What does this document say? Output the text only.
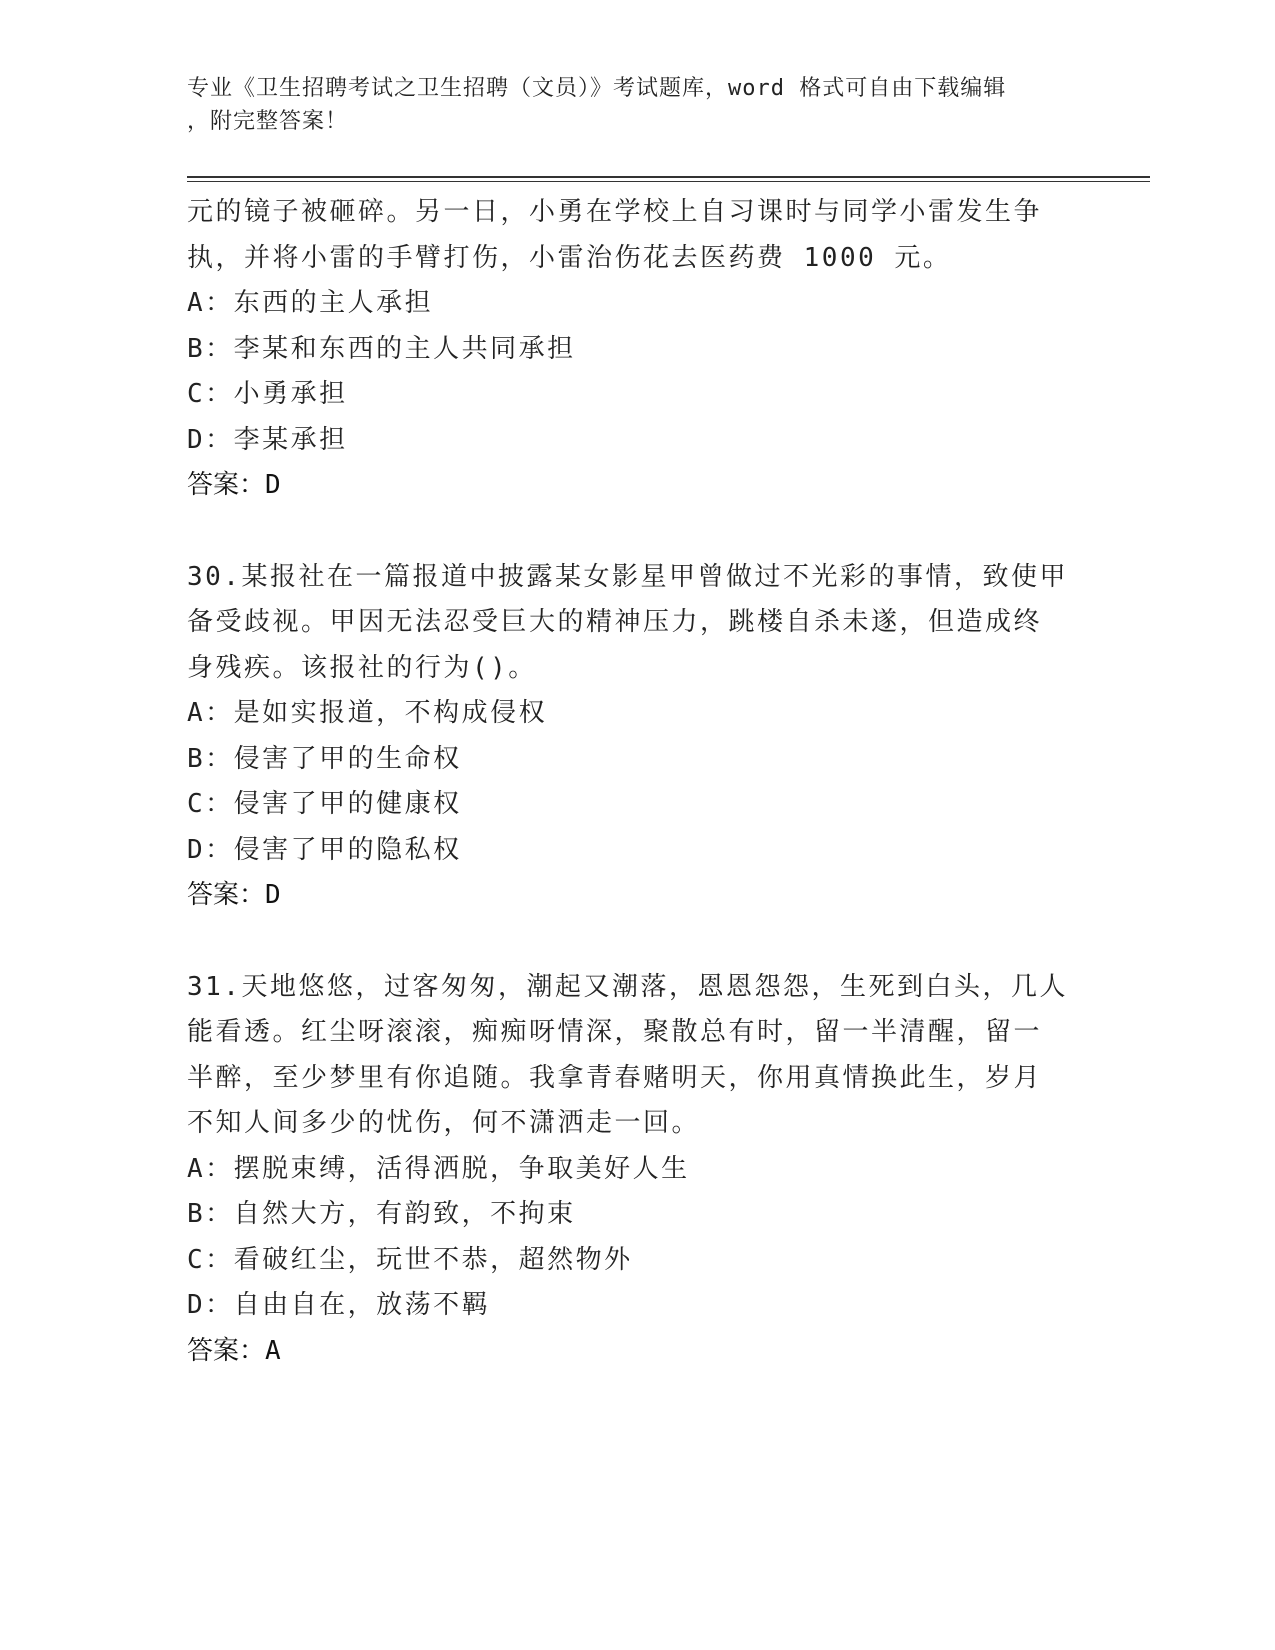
专业《卫生招聘考试之卫生招聘（文员）》考试题库，word 格式可自由下载编辑
，附完整答案！
元的镜子被砸碎。另一日，小勇在学校上自习课时与同学小雷发生争
执，并将小雷的手臂打伤，小雷治伤花去医药费 1000 元。
A：东西的主人承担
B：李某和东西的主人共同承担
C：小勇承担
D：李某承担
答案：D
30.某报社在一篇报道中披露某女影星甲曾做过不光彩的事情，致使甲
备受歧视。甲因无法忍受巨大的精神压力，跳楼自杀未遂，但造成终
身残疾。该报社的行为()。
A：是如实报道，不构成侵权
B：侵害了甲的生命权
C：侵害了甲的健康权
D：侵害了甲的隐私权
答案：D
31.天地悠悠，过客匆匆，潮起又潮落，恩恩怨怨，生死到白头，几人
能看透。红尘呀滚滚，痴痴呀情深，聚散总有时，留一半清醒，留一
半醉，至少梦里有你追随。我拿青春赌明天，你用真情换此生，岁月
不知人间多少的忧伤，何不潇洒走一回。
A：摆脱束缚，活得洒脱，争取美好人生
B：自然大方，有韵致，不拘束
C：看破红尘，玩世不恭，超然物外
D：自由自在，放荡不羁
答案：A
